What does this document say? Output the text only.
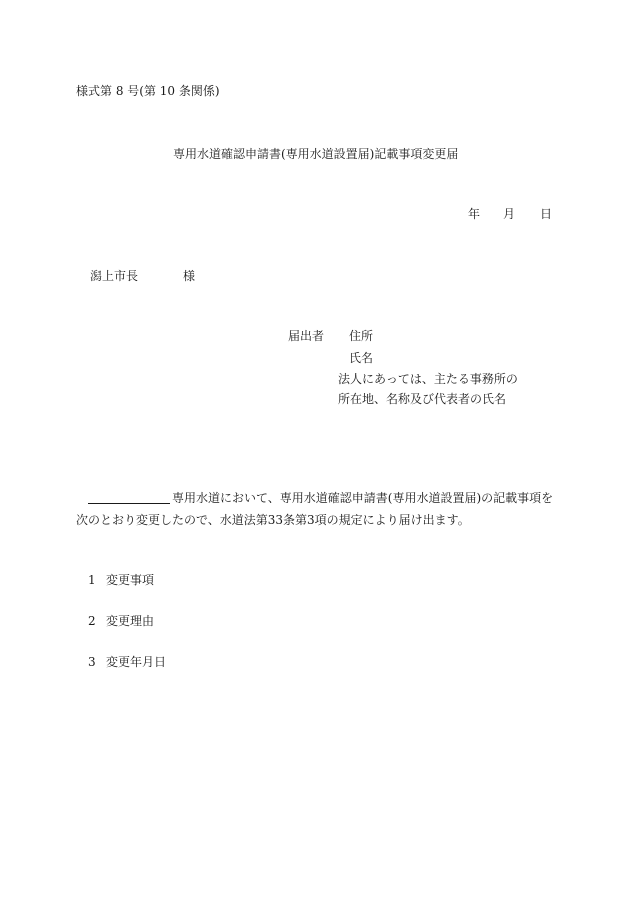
様式第 8 号(第 10 条関係)
専用水道確認申請書(専用水道設置届)記載事項変更届
年 月 日
潟上市長	様
届出者 住所
氏名
法人にあっては、主たる事務所の
所在地、名称及び代表者の氏名
専用水道において、専用水道確認申請書(専用水道設置届)の記載事項を
次のとおり変更したので、水道法第33条第3項の規定により届け出ます。
1 変更事項
2 変更理由
3 変更年月日
